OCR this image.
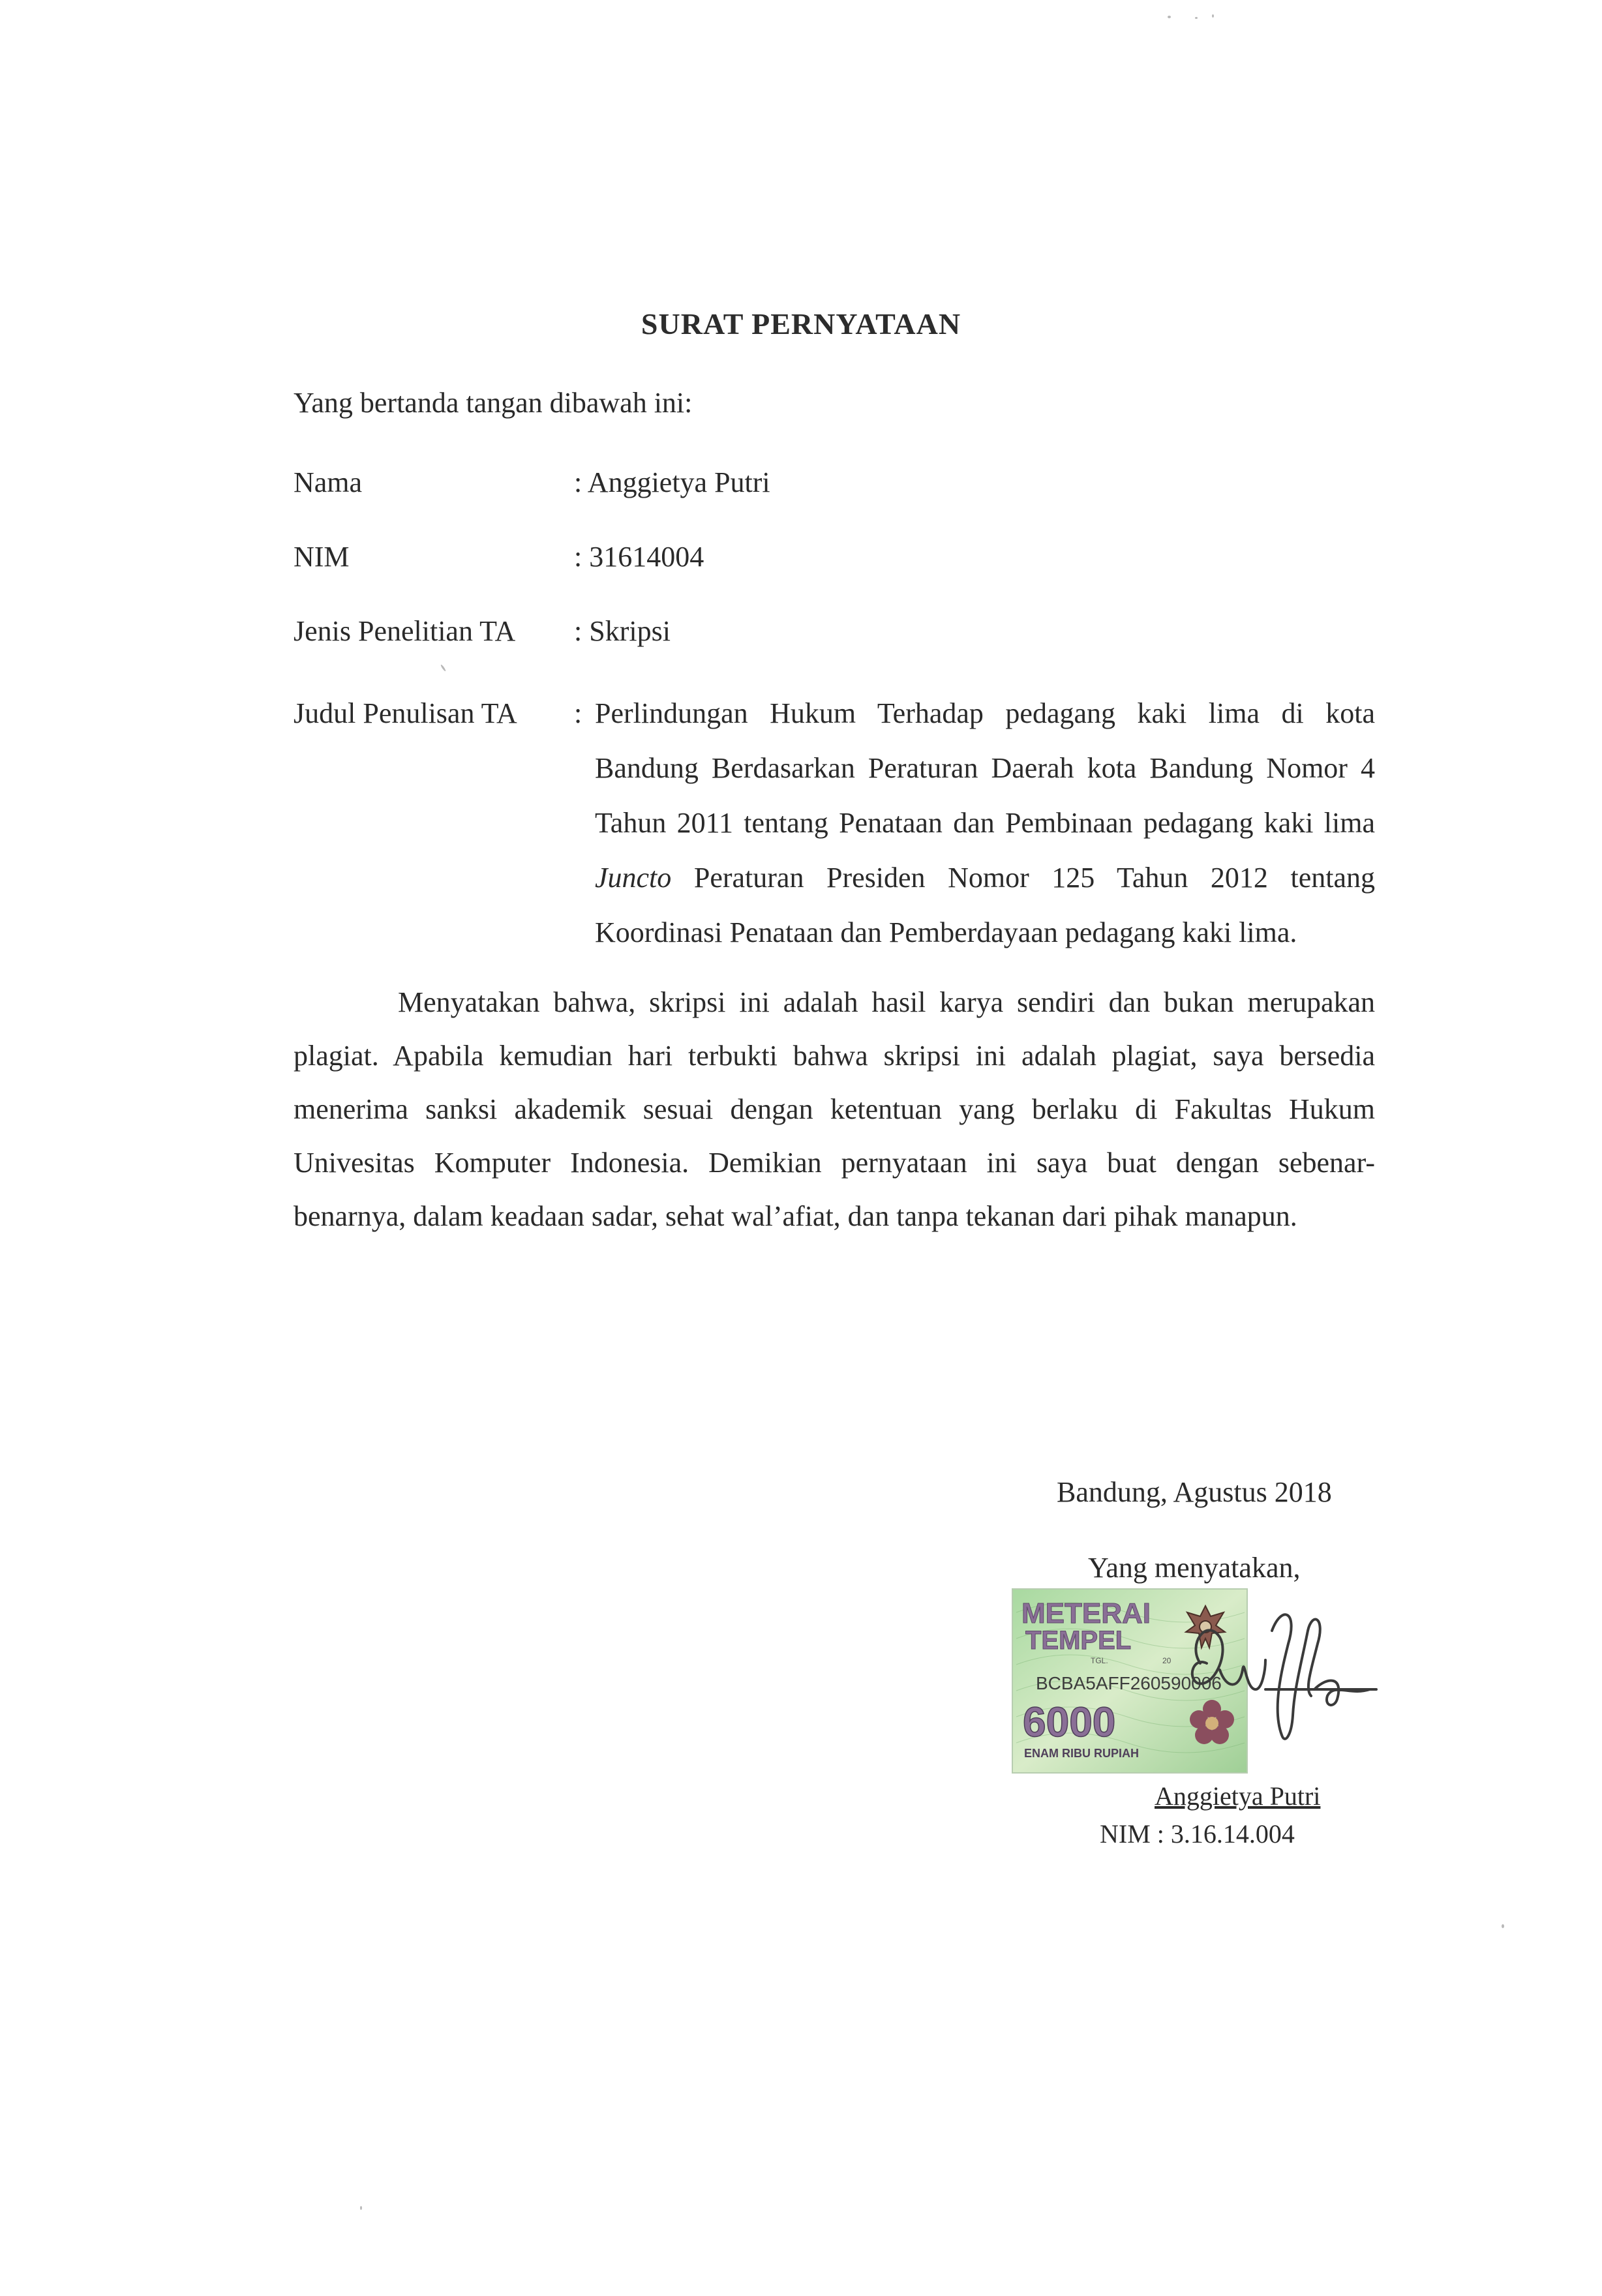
SURAT PERNYATAAN
Yang bertanda tangan dibawah ini:
Nama	: Anggietya Putri
NIM	: 31614004
Jenis Penelitian TA : Skripsi
Judul Penulisan TA : Perlindungan Hukum Terhadap pedagang kaki lima di kota Bandung Berdasarkan Peraturan Daerah kota Bandung Nomor 4 Tahun 2011 tentang Penataan dan Pembinaan pedagang kaki lima Juncto Peraturan Presiden Nomor 125 Tahun 2012 tentang Koordinasi Penataan dan Pemberdayaan pedagang kaki lima.
Menyatakan bahwa, skripsi ini adalah hasil karya sendiri dan bukan merupakan plagiat. Apabila kemudian hari terbukti bahwa skripsi ini adalah plagiat, saya bersedia menerima sanksi akademik sesuai dengan ketentuan yang berlaku di Fakultas Hukum Univesitas Komputer Indonesia. Demikian pernyataan ini saya buat dengan sebenar-benarnya, dalam keadaan sadar, sehat wal’afiat, dan tanpa tekanan dari pihak manapun.
Bandung, Agustus 2018
Yang menyatakan,
METERAI
TEMPEL
TGL.	20
BCBA5AFF260590006
6000
ENAM RIBU RUPIAH
Anggietya Putri
NIM : 3.16.14.004
